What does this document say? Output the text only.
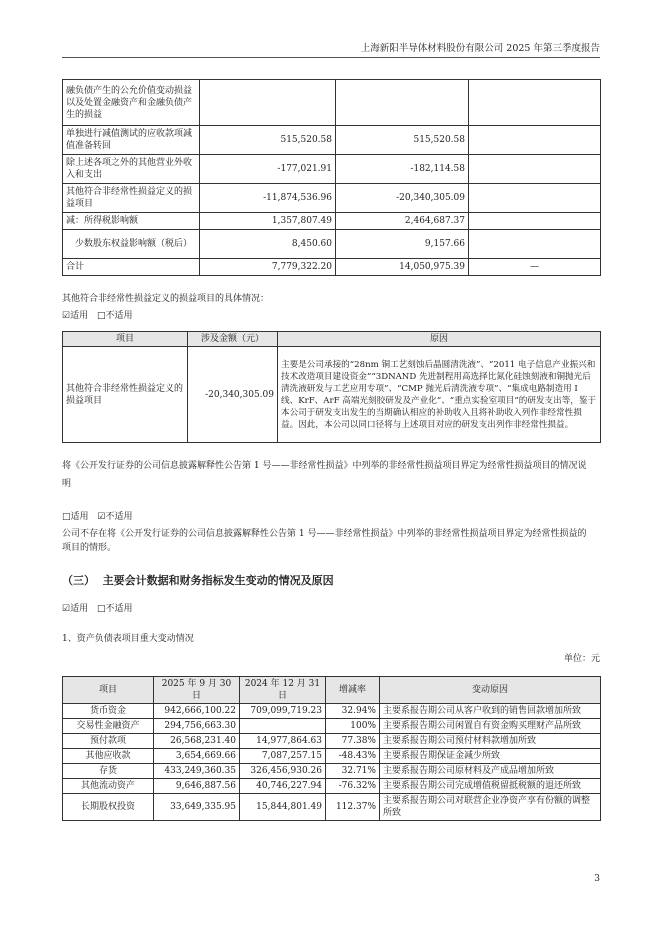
上海新阳半导体材料股份有限公司 2025 年第三季度报告
融负债产生的公允价值变动损益以及处置金融资产和金融负债产生的损益			
单独进行减值测试的应收款项减值准备转回	515,520.58	515,520.58	
除上述各项之外的其他营业外收入和支出	-177,021.91	-182,114.58	
其他符合非经常性损益定义的损益项目	-11,874,536.96	-20,340,305.09	
减：所得税影响额	1,357,807.49	2,464,687.37	
少数股东权益影响额（税后）	8,450.60	9,157.66	
合计	7,779,322.20	14,050,975.39	—
其他符合非经常性损益定义的损益项目的具体情况：
☑适用 □不适用
项目	涉及金额（元）	原因
其他符合非经常性损益定义的损益项目	-20,340,305.09	主要是公司承接的“28nm 铜工艺刻蚀后晶圆清洗液”、“2011 电子信息产业振兴和技术改造项目建设资金”“3DNAND 先进制程用高选择比氮化硅蚀刻液和铜抛光后清洗液研发与工艺应用专项”、“CMP 抛光后清洗液专项”、“集成电路制造用 I 线、KrF、ArF 高端光刻胶研发及产业化”、“重点实验室项目”的研发支出等，鉴于本公司于研发支出发生的当期确认相应的补助收入且将补助收入列作非经常性损益。因此，本公司以同口径将与上述项目对应的研发支出列作非经常性损益。
将《公开发行证券的公司信息披露解释性公告第 1 号——非经常性损益》中列举的非经常性损益项目界定为经常性损益项目的情况说明
□适用 ☑不适用
公司不存在将《公开发行证券的公司信息披露解释性公告第 1 号——非经常性损益》中列举的非经常性损益项目界定为经常性损益的项目的情形。
（三） 主要会计数据和财务指标发生变动的情况及原因
☑适用 □不适用
1、资产负债表项目重大变动情况
单位：元
项目	2025 年 9 月 30 日	2024 年 12 月 31 日	增减率	变动原因
货币资金	942,666,100.22	709,099,719.23	32.94%	主要系报告期公司从客户收到的销售回款增加所致
交易性金融资产	294,756,663.30		100%	主要系报告期公司闲置自有资金购买理财产品所致
预付款项	26,568,231.40	14,977,864.63	77.38%	主要系报告期公司预付材料款增加所致
其他应收款	3,654,669.66	7,087,257.15	-48.43%	主要系报告期保证金减少所致
存货	433,249,360.35	326,456,930.26	32.71%	主要系报告期公司原材料及产成品增加所致
其他流动资产	9,646,887.56	40,746,227.94	-76.32%	主要系报告期公司完成增值税留抵税额的退还所致
长期股权投资	33,649,335.95	15,844,801.49	112.37%	主要系报告期公司对联营企业净资产享有份额的调整所致
3
